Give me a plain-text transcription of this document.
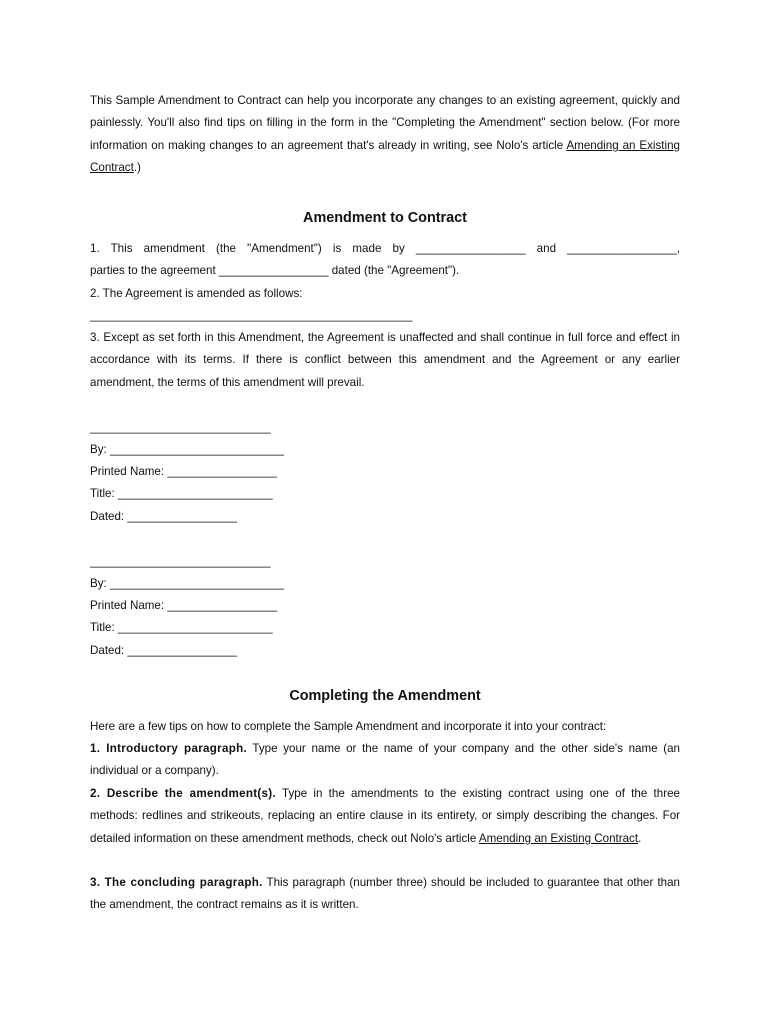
This Sample Amendment to Contract can help you incorporate any changes to an existing agreement, quickly and painlessly. You'll also find tips on filling in the form in the "Completing the Amendment" section below. (For more information on making changes to an agreement that's already in writing, see Nolo's article Amending an Existing Contract.)

Amendment to Contract

1. This amendment (the "Amendment") is made by _________________ and _________________,

parties to the agreement _________________ dated (the "Agreement").

2. The Agreement is amended as follows:

__________________________________________________

3. Except as set forth in this Amendment, the Agreement is unaffected and shall continue in full force and effect in accordance with its terms. If there is conflict between this amendment and the Agreement or any earlier amendment, the terms of this amendment will prevail.

____________________________

By: ___________________________

Printed Name: _________________

Title: ________________________

Dated: _________________

____________________________

By: ___________________________

Printed Name: _________________

Title: ________________________

Dated: _________________

Completing the Amendment

Here are a few tips on how to complete the Sample Amendment and incorporate it into your contract:

1. Introductory paragraph. Type your name or the name of your company and the other side's name (an individual or a company).

2. Describe the amendment(s). Type in the amendments to the existing contract using one of the three methods: redlines and strikeouts, replacing an entire clause in its entirety, or simply describing the changes. For detailed information on these amendment methods, check out Nolo's article Amending an Existing Contract.

3. The concluding paragraph. This paragraph (number three) should be included to guarantee that other than the amendment, the contract remains as it is written.
